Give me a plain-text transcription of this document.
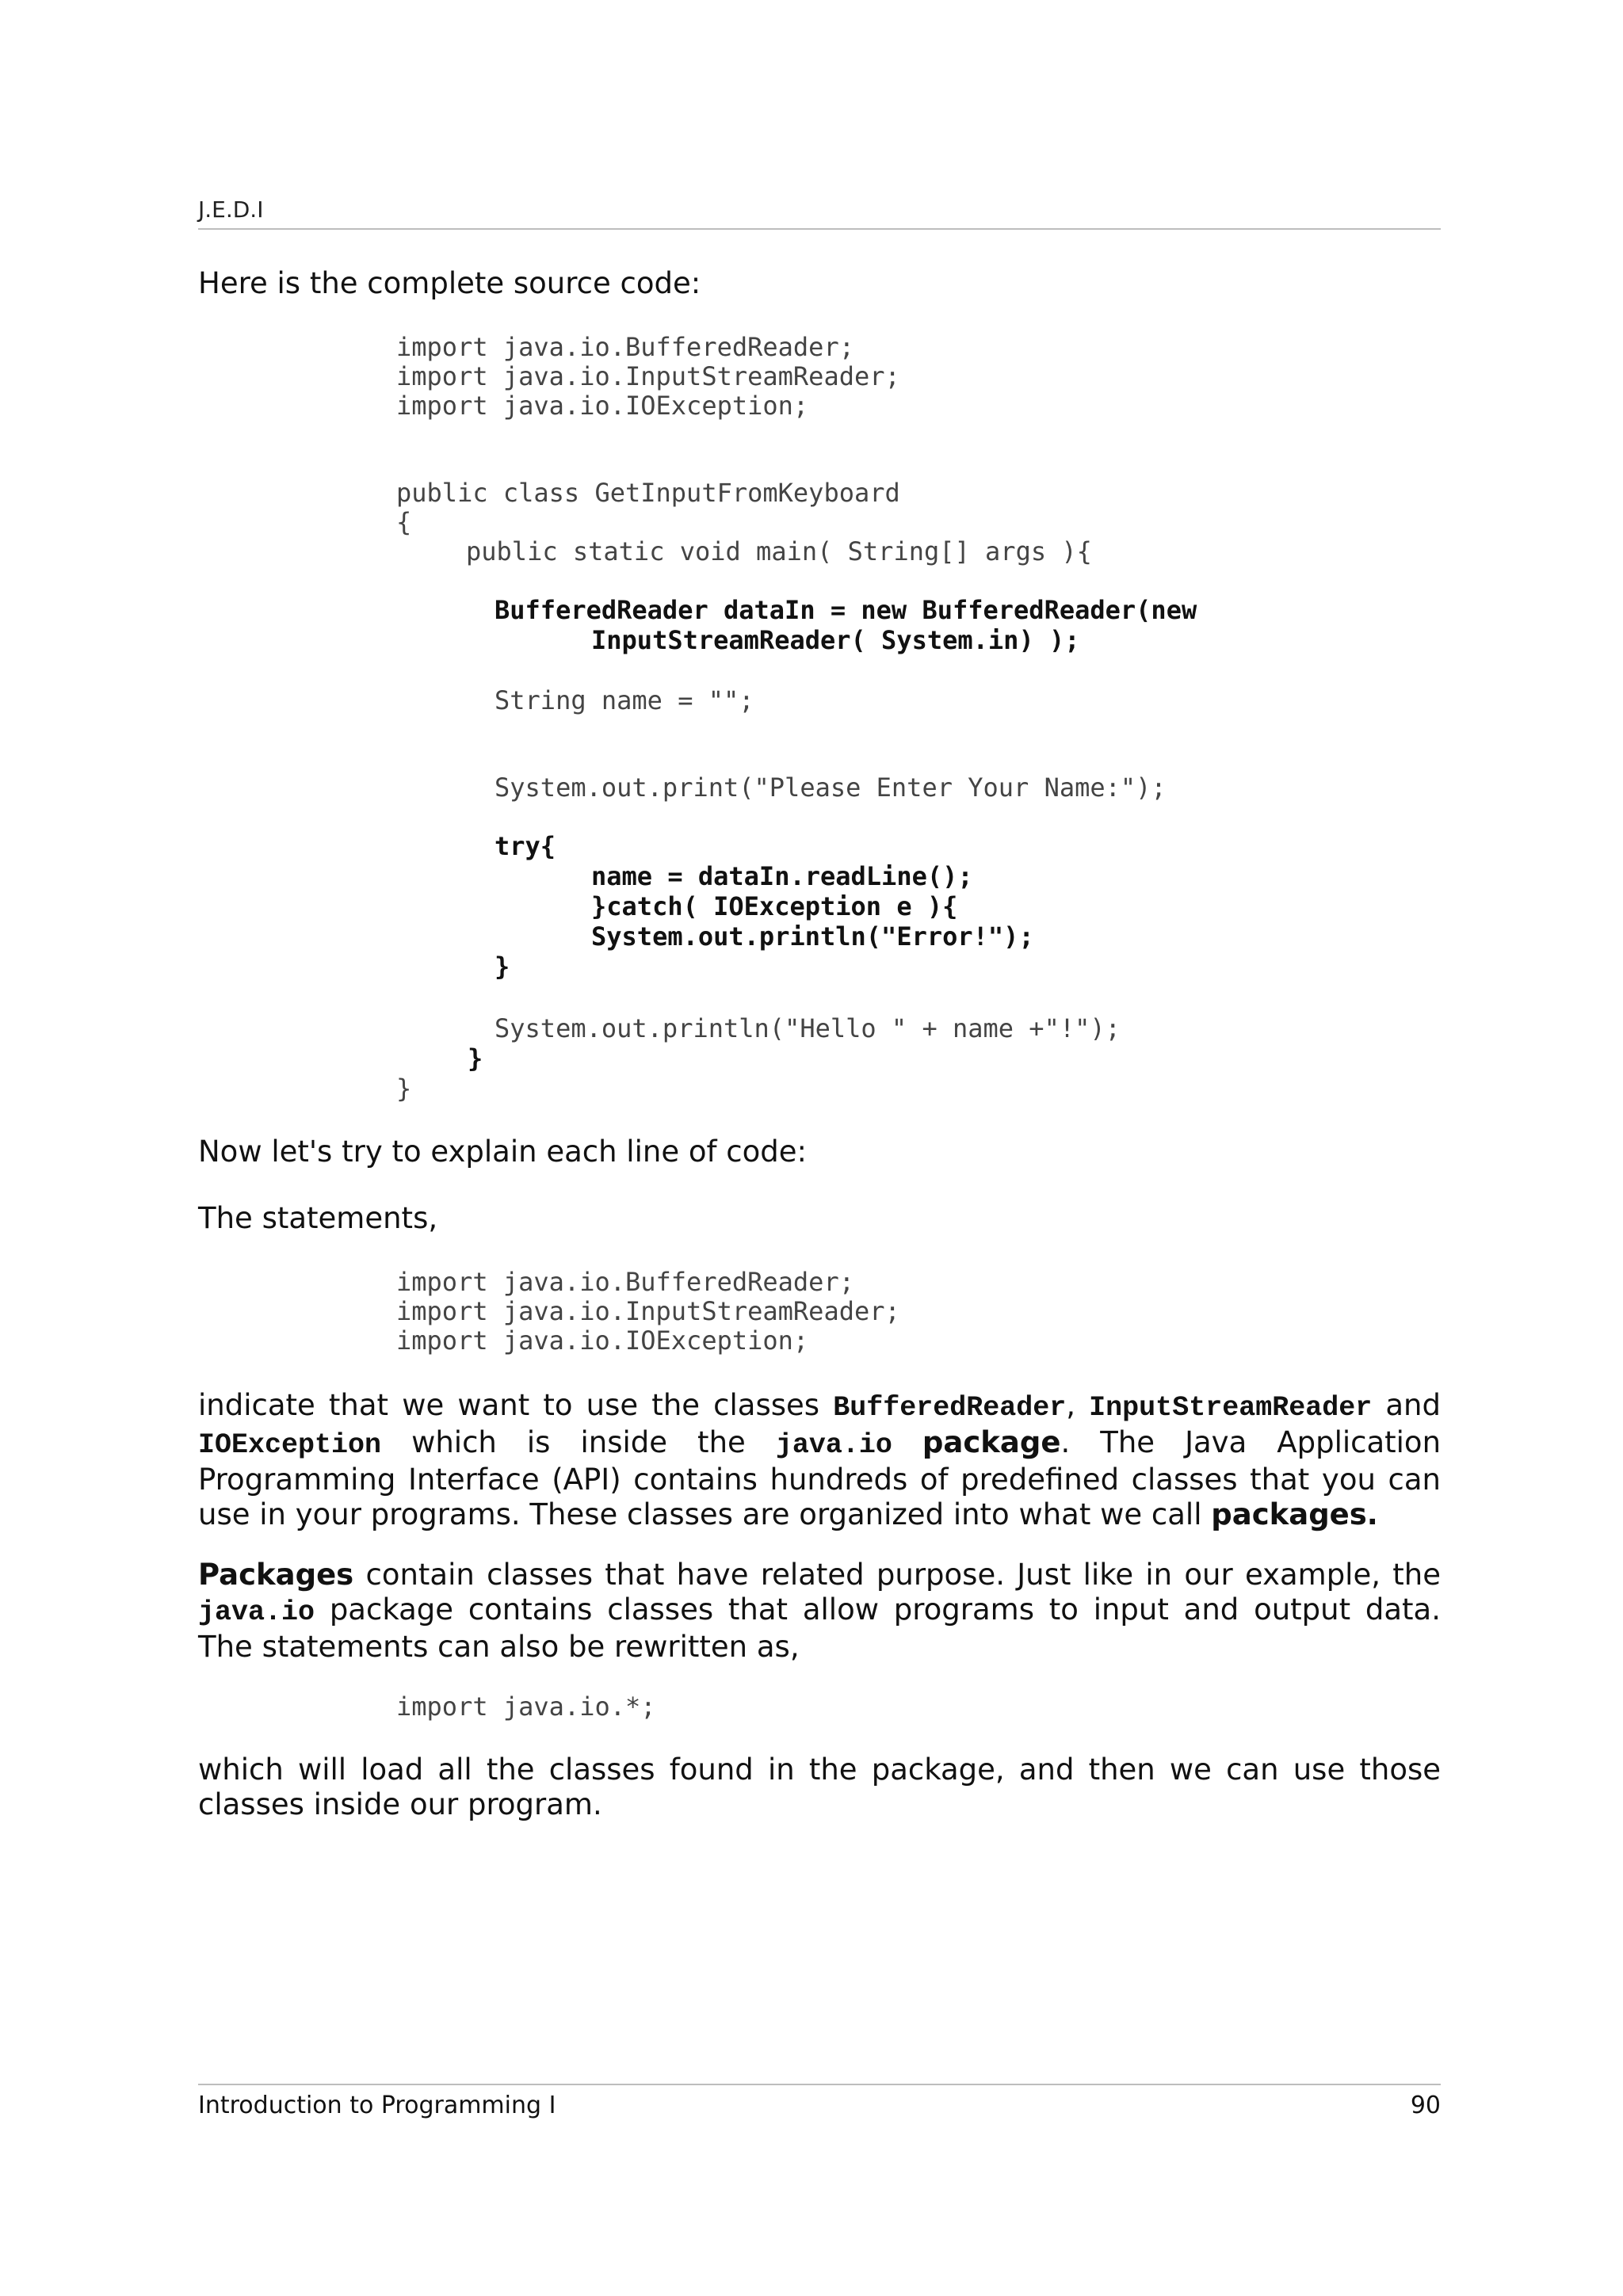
J.E.D.I
Here is the complete source code:
import java.io.BufferedReader;
import java.io.InputStreamReader;
import java.io.IOException;
public class GetInputFromKeyboard
{
public static void main( String[] args ){
BufferedReader dataIn = new BufferedReader(new
InputStreamReader( System.in) );
String name = "";
System.out.print("Please Enter Your Name:");
try{
name = dataIn.readLine();
}catch( IOException e ){
System.out.println("Error!");
}
System.out.println("Hello " + name +"!");
}
}
Now let's try to explain each line of code:
The statements,
import java.io.BufferedReader;
import java.io.InputStreamReader;
import java.io.IOException;
indicate that we want to use the classes BufferedReader, InputStreamReader and IOException which is inside the java.io package. The Java Application Programming Interface (API) contains hundreds of predefined classes that you can use in your programs. These classes are organized into what we call packages.
Packages contain classes that have related purpose. Just like in our example, the java.io package contains classes that allow programs to input and output data. The statements can also be rewritten as,
import java.io.*;
which will load all the classes found in the package, and then we can use those classes inside our program.
Introduction to Programming I	90
